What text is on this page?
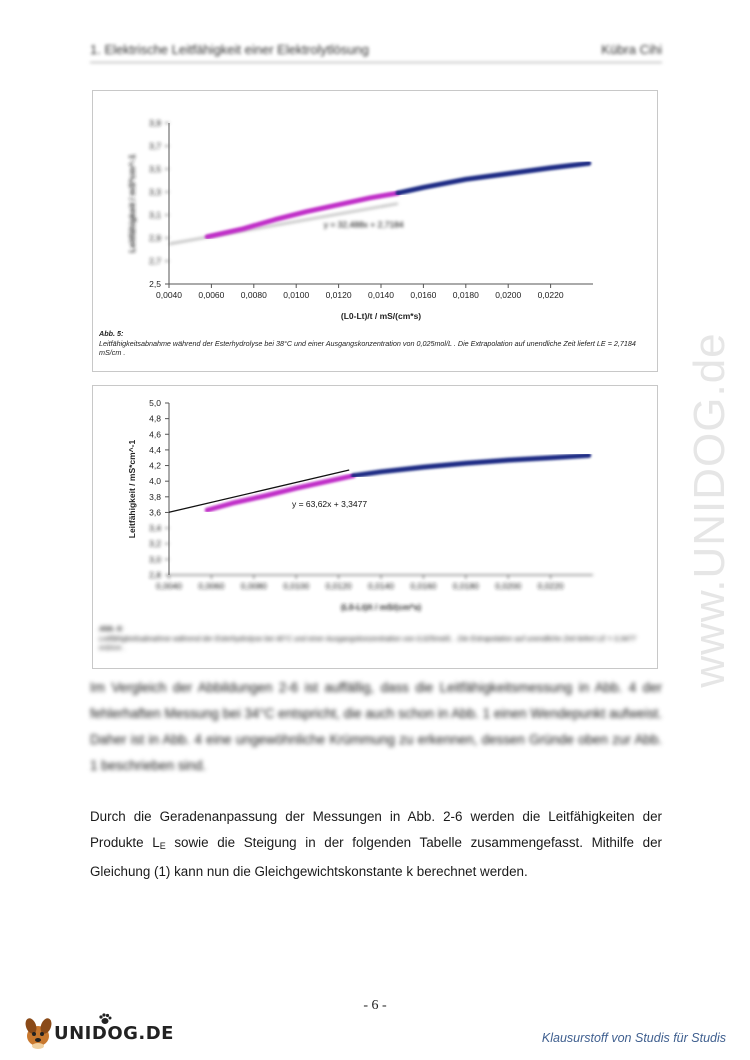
1. Elektrische Leitfähigkeit einer Elektrolytlösung	Kübra Cihi
www.UNIDOG.de
2,7
2,9
3,1
3,3
3,5
3,7
3,9
Leitfähigkeit / mS*cm^-1	y = 32,488x + 2,7184
2,5
0,0040 0,0060 0,0080 0,0100 0,0120 0,0140 0,0160 0,0180 0,0200 0,0220
(L0-Lt)/t / mS/(cm*s)
Abb. 5:
Leitfähigkeitsabnahme während der Esterhydrolyse bei 38°C und einer Ausgangskonzentration von 0,025mol/L . Die Extrapolation auf unendliche Zeit liefert LE = 2,7184 mS/cm .
2,8
3,0
3,2
3,4
0,0040 0,0060 0,0080 0,0100 0,0120 0,0140 0,0160 0,0180 0,0200 0,0220
(L0-Lt)/t / mS/(cm*s)
3,6
3,8
4,0
4,2
4,4
4,6
4,8
5,0
Leitfähigkeit / mS*cm^-1	y = 63,62x + 3,3477
Abb. 6:
Leitfähigkeitsabnahme während der Esterhydrolyse bei 40°C und einer Ausgangskonzentration von 0,025mol/L . Die Extrapolation auf unendliche Zeit liefert LE = 3,3477 mS/cm .
Im Vergleich der Abbildungen 2-6 ist auffällig, dass die Leitfähigkeitsmessung in Abb. 4 der fehlerhaften Messung bei 34°C entspricht, die auch schon in Abb. 1 einen Wendepunkt aufweist. Daher ist in Abb. 4 eine ungewöhnliche Krümmung zu erkennen, dessen Gründe oben zur Abb. 1 beschrieben sind.
Durch die Geradenanpassung der Messungen in Abb. 2-6 werden die Leitfähigkeiten der Produkte $L_E$ sowie die Steigung in der folgenden Tabelle zusammengefasst. Mithilfe der Gleichung (1) kann nun die Gleichgewichtskonstante k berechnet werden.
- 6 -
UNIDOG.DE	Klausurstoff von Studis für Studis
